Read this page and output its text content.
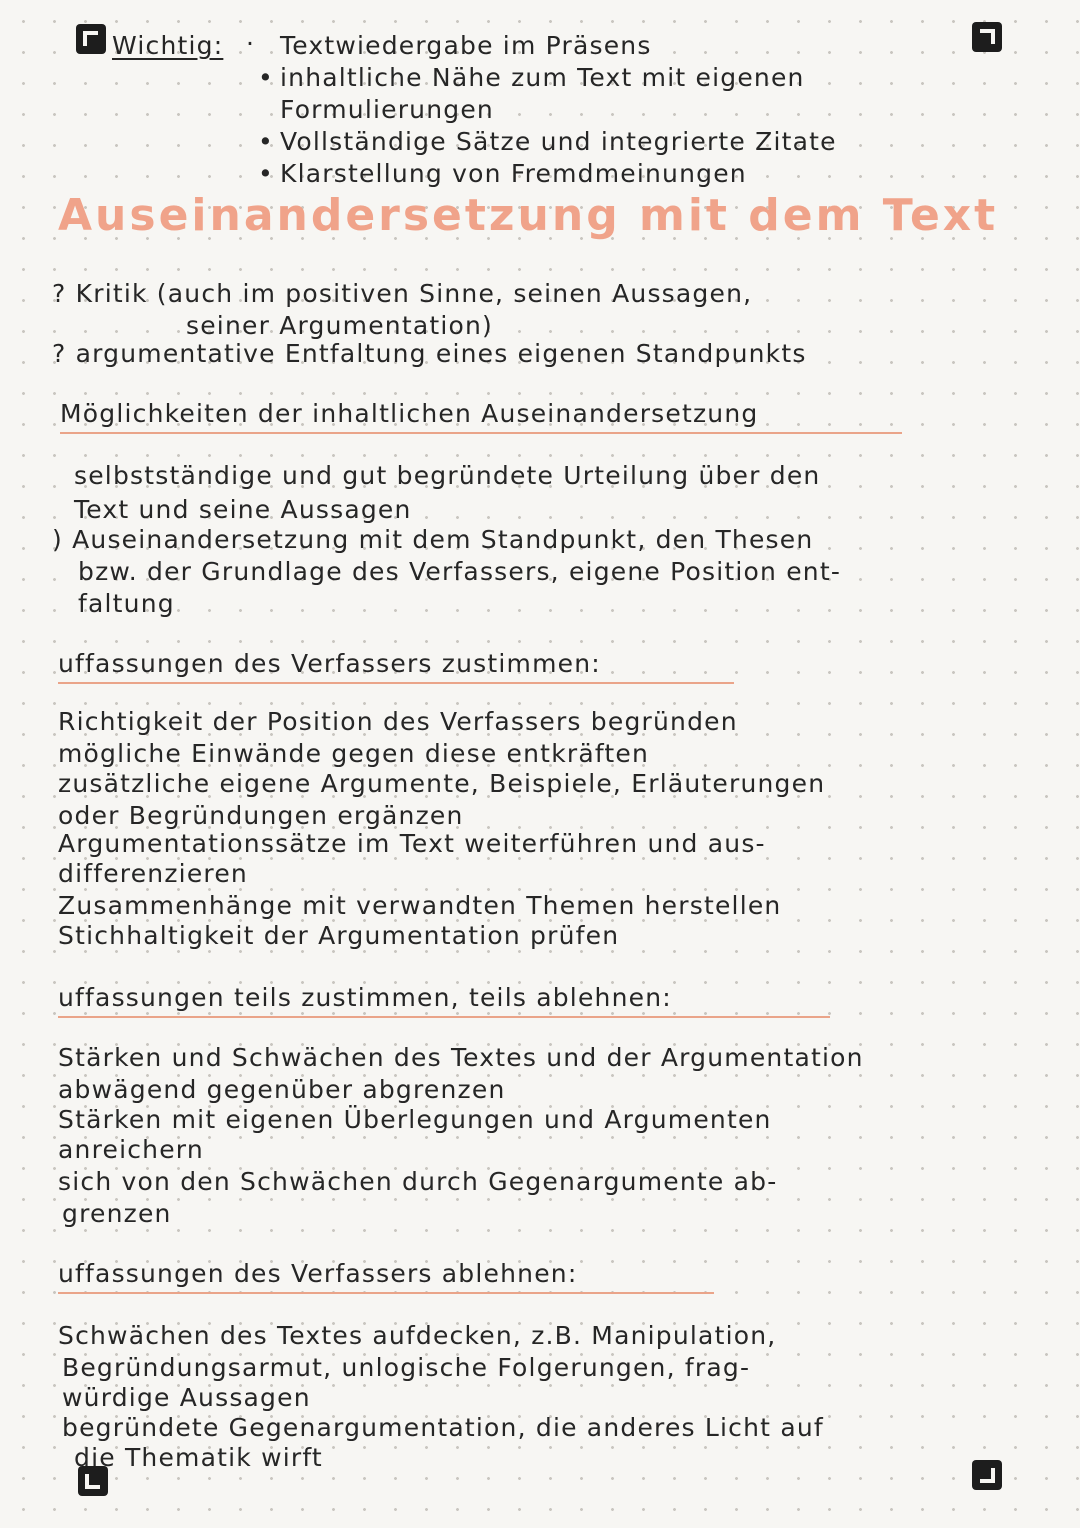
Wichtig: · Textwiedergabe im Präsens
• inhaltliche Nähe zum Text mit eigenen
Formulierungen
• Vollständige Sätze und integrierte Zitate
• Klarstellung von Fremdmeinungen
Auseinandersetzung mit dem Text
? Kritik (auch im positiven Sinne, seinen Aussagen,
seiner Argumentation)
? argumentative Entfaltung eines eigenen Standpunkts
Möglichkeiten der inhaltlichen Auseinandersetzung
selbstständige und gut begründete Urteilung über den
Text und seine Aussagen
) Auseinandersetzung mit dem Standpunkt, den Thesen
bzw. der Grundlage des Verfassers, eigene Position ent-
faltung
uffassungen des Verfassers zustimmen:
Richtigkeit der Position des Verfassers begründen
mögliche Einwände gegen diese entkräften
zusätzliche eigene Argumente, Beispiele, Erläuterungen
oder Begründungen ergänzen
Argumentationssätze im Text weiterführen und aus-
differenzieren
Zusammenhänge mit verwandten Themen herstellen
Stichhaltigkeit der Argumentation prüfen
uffassungen teils zustimmen, teils ablehnen:
Stärken und Schwächen des Textes und der Argumentation
abwägend gegenüber abgrenzen
Stärken mit eigenen Überlegungen und Argumenten
anreichern
sich von den Schwächen durch Gegenargumente ab-
grenzen
uffassungen des Verfassers ablehnen:
Schwächen des Textes aufdecken, z.B. Manipulation,
Begründungsarmut, unlogische Folgerungen, frag-
würdige Aussagen
begründete Gegenargumentation, die anderes Licht auf
die Thematik wirft
